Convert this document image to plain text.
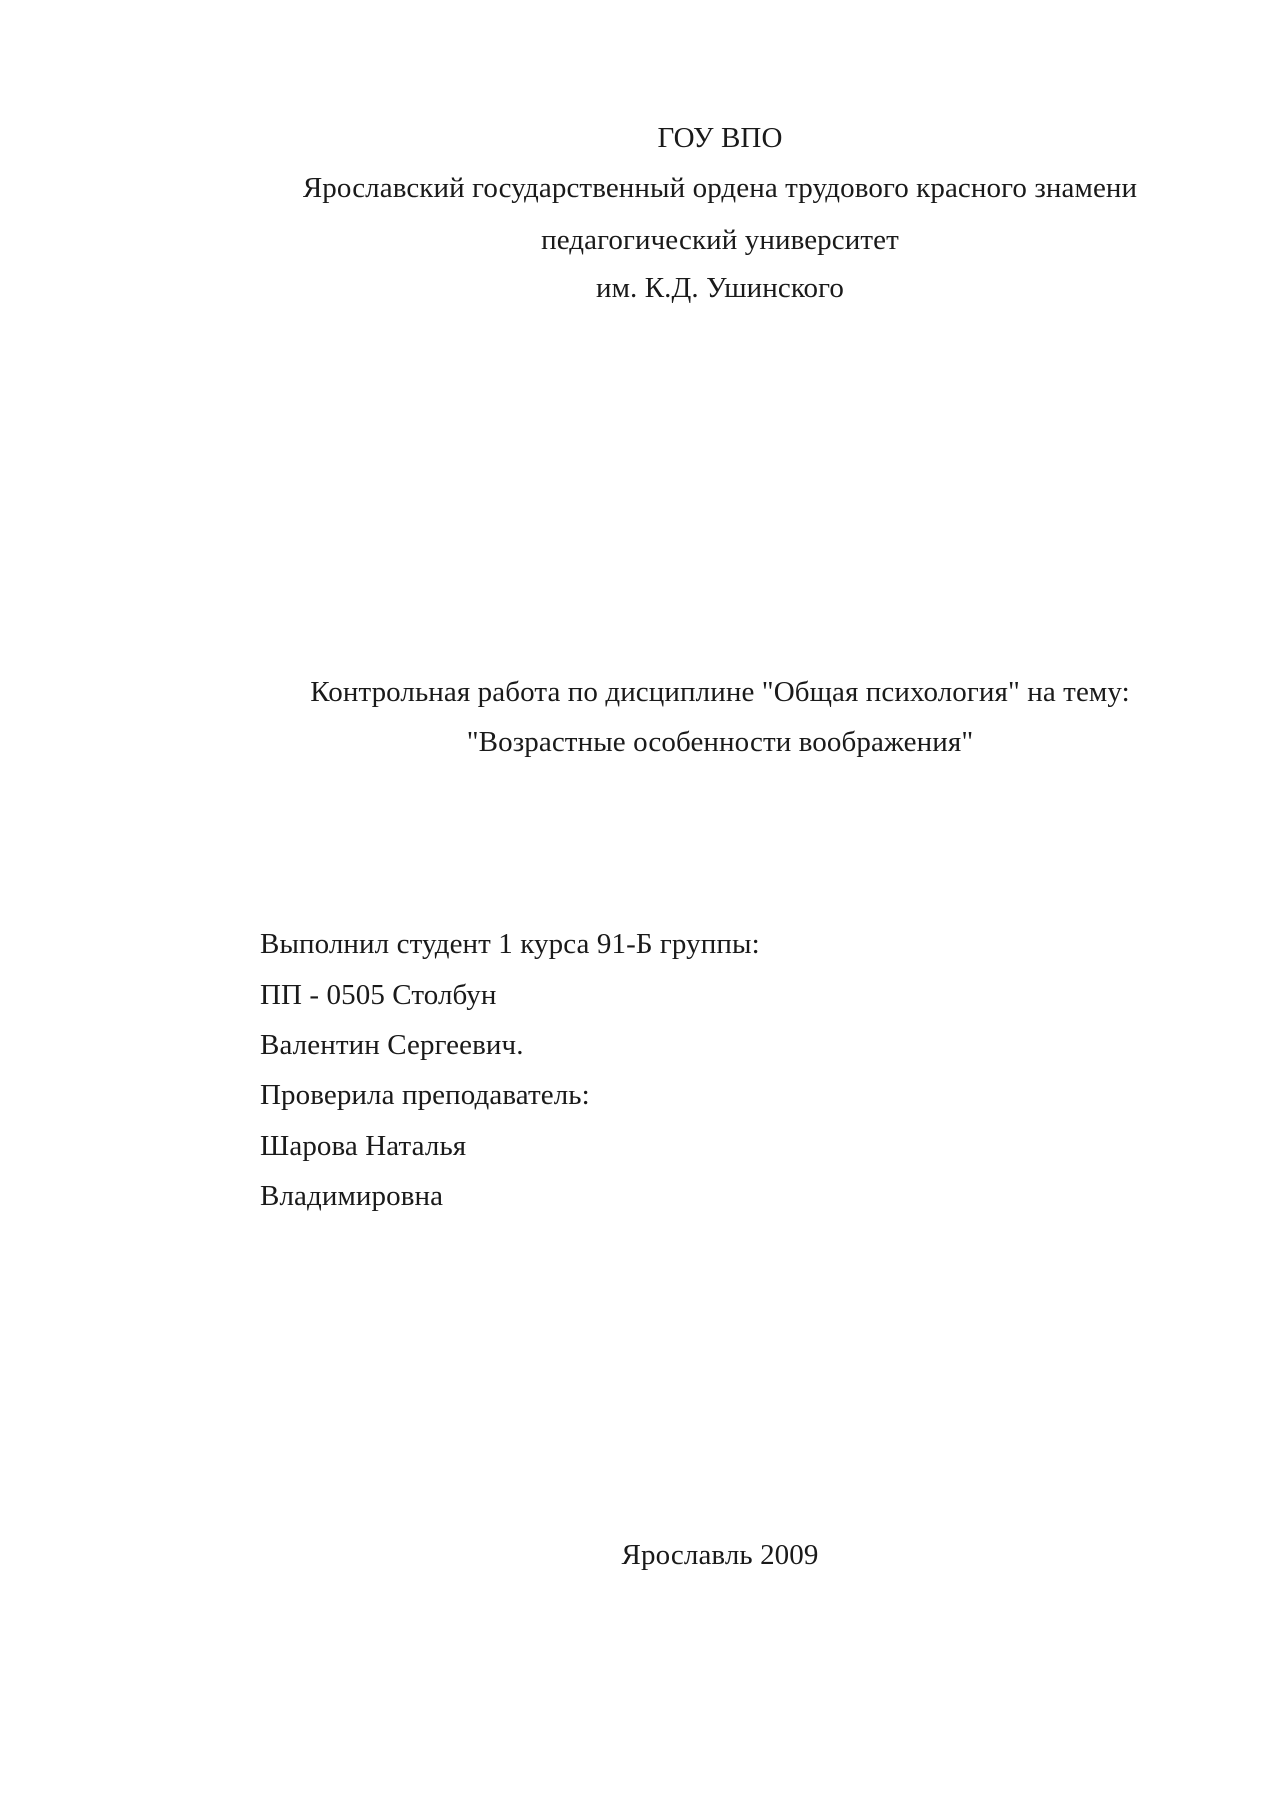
ГОУ ВПО
Ярославский государственный ордена трудового красного знамени
педагогический университет
им. К.Д. Ушинского
Контрольная работа по дисциплине "Общая психология" на тему:
"Возрастные особенности воображения"
Выполнил студент 1 курса 91-Б группы:
ПП - 0505 Столбун
Валентин Сергеевич.
Проверила преподаватель:
Шарова Наталья
Владимировна
Ярославль 2009
